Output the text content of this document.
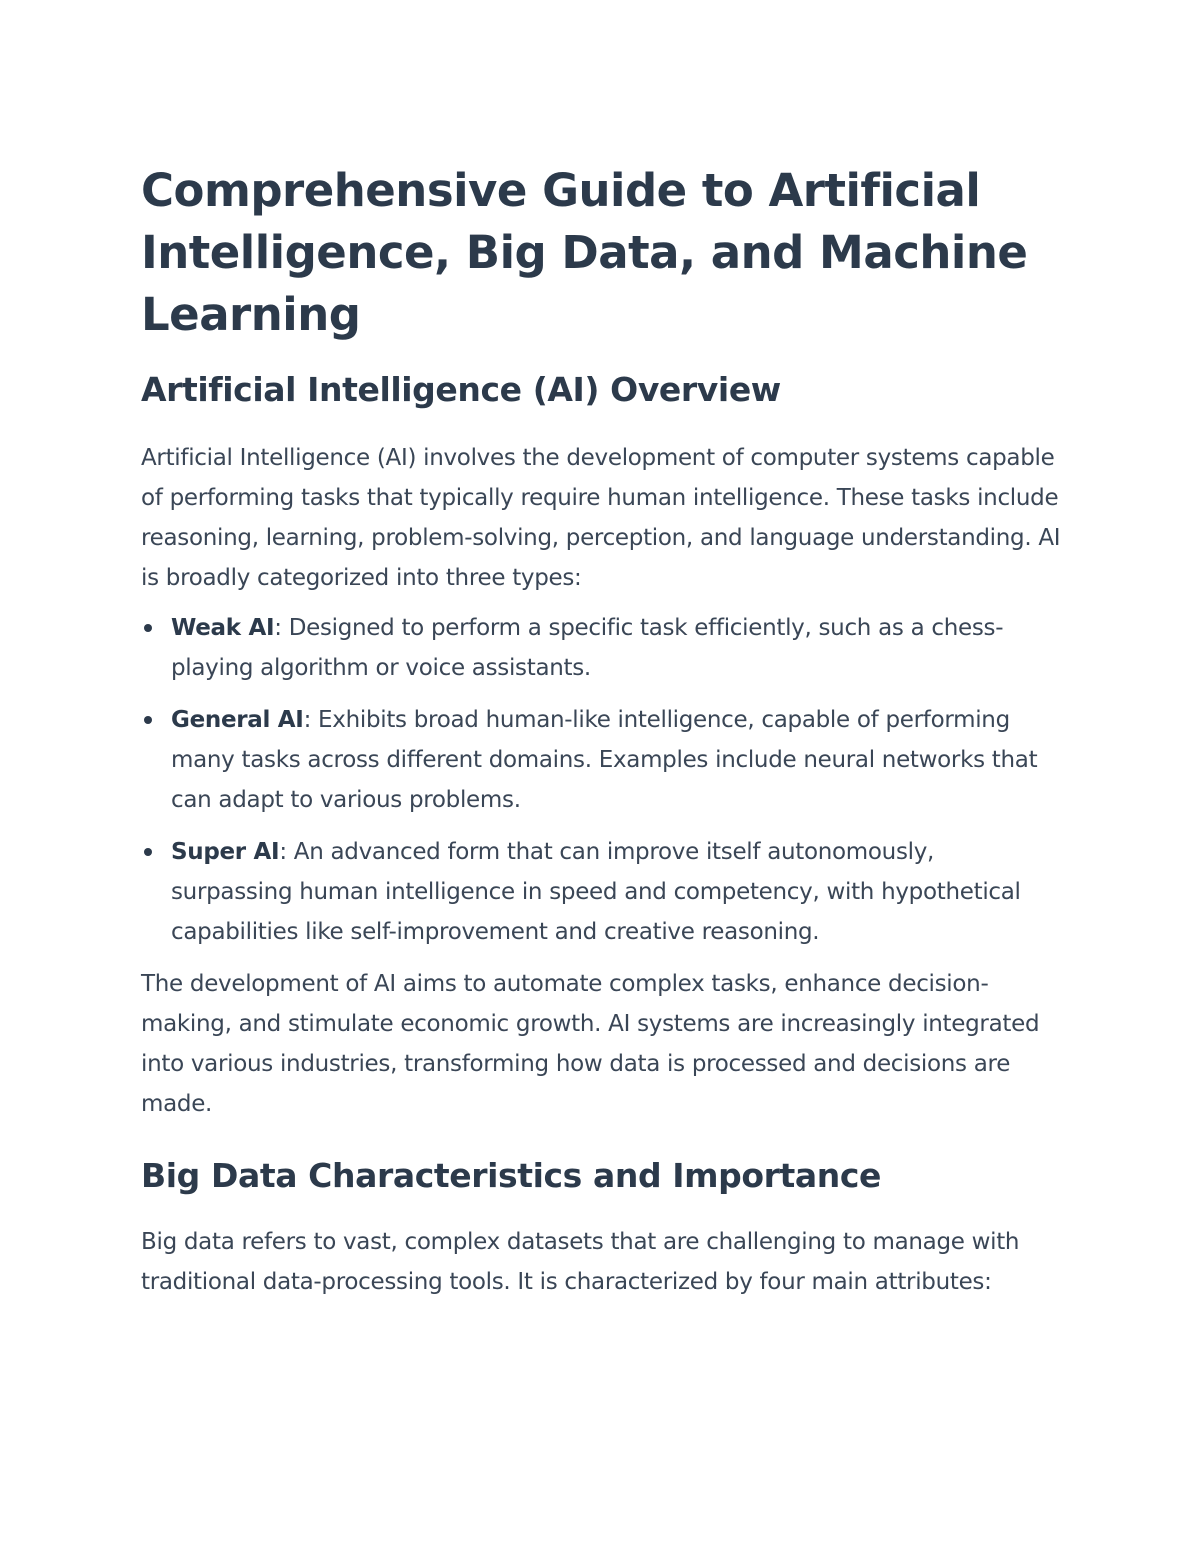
Comprehensive Guide to Artificial Intelligence, Big Data, and Machine Learning
Artificial Intelligence (AI) Overview

Artificial Intelligence (AI) involves the development of computer systems capable of performing tasks that typically require human intelligence. These tasks include reasoning, learning, problem-solving, perception, and language understanding. AI is broadly categorized into three types:

Weak AI: Designed to perform a specific task efficiently, such as a chess-playing algorithm or voice assistants.
General AI: Exhibits broad human-like intelligence, capable of performing many tasks across different domains. Examples include neural networks that can adapt to various problems.
Super AI: An advanced form that can improve itself autonomously, surpassing human intelligence in speed and competency, with hypothetical capabilities like self-improvement and creative reasoning.

The development of AI aims to automate complex tasks, enhance decision-making, and stimulate economic growth. AI systems are increasingly integrated into various industries, transforming how data is processed and decisions are made.

Big Data Characteristics and Importance

Big data refers to vast, complex datasets that are challenging to manage with traditional data-processing tools. It is characterized by four main attributes:
